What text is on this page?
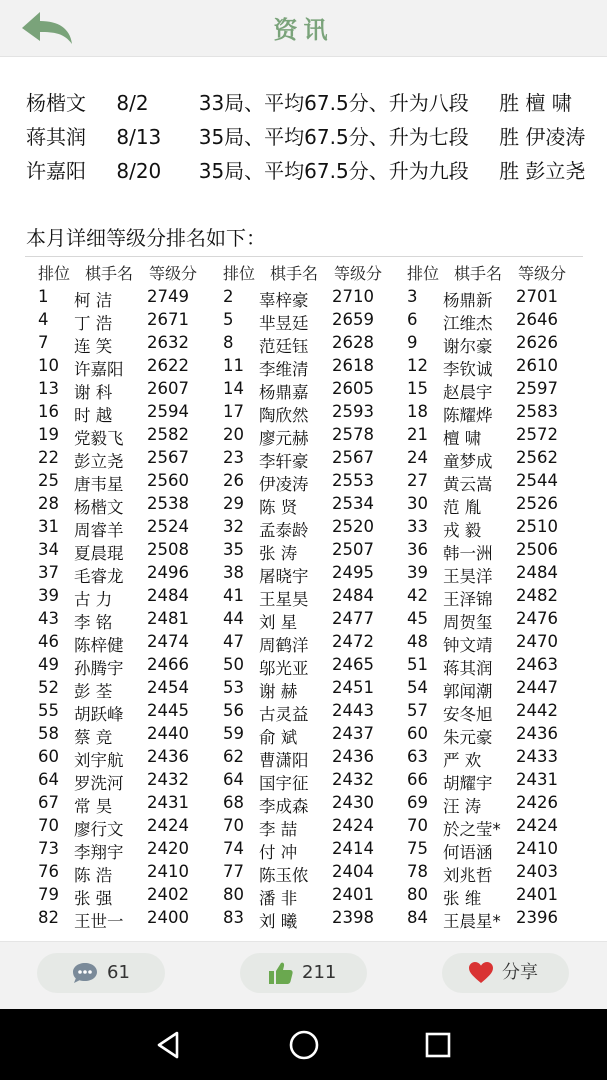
资讯
杨楷文 8/2	33局、平均67.5分、升为八段 胜 檀 啸
蒋其润 8/13 35局、平均67.5分、升为七段 胜 伊凌涛
许嘉阳 8/20 35局、平均67.5分、升为九段 胜 彭立尧
本月详细等级分排名如下：
排位 棋手名 等级分 排位 棋手名 等级分 排位 棋手名 等级分
1 柯 洁 2749 2 辜梓豪 2710 3 杨鼎新 2701
4 丁 浩 2671 5 芈昱廷 2659 6 江维杰 2646
7 连 笑 2632 8 范廷钰 2628 9 谢尔豪 2626
10 许嘉阳 2622 11 李维清 2618 12 李钦诚 2610
13 谢 科 2607 14 杨鼎嘉 2605 15 赵晨宇 2597
16 时 越 2594 17 陶欣然 2593 18 陈耀烨 2583
19 党毅飞 2582 20 廖元赫 2578 21 檀 啸 2572
22 彭立尧 2567 23 李轩豪 2567 24 童梦成 2562
25 唐韦星 2560 26 伊凌涛 2553 27 黄云嵩 2544
28 杨楷文 2538 29 陈 贤 2534 30 范 胤 2526
31 周睿羊 2524 32 孟泰龄 2520 33 戎 毅 2510
34 夏晨琨 2508 35 张 涛 2507 36 韩一洲 2506
37 毛睿龙 2496 38 屠晓宇 2495 39 王昊洋 2484
39 古 力 2484 41 王星昊 2484 42 王泽锦 2482
43 李 铭 2481 44 刘 星 2477 45 周贺玺 2476
46 陈梓健 2474 47 周鹤洋 2472 48 钟文靖 2470
49 孙腾宇 2466 50 邬光亚 2465 51 蒋其润 2463
52 彭 荃 2454 53 谢 赫 2451 54 郭闻潮 2447
55 胡跃峰 2445 56 古灵益 2443 57 安冬旭 2442
58 蔡 竞 2440 59 俞 斌 2437 60 朱元豪 2436
60 刘宇航 2436 62 曹潇阳 2436 63 严 欢 2433
64 罗洗河 2432 64 国宇征 2432 66 胡耀宇 2431
67 常 昊 2431 68 李成森 2430 69 汪 涛 2426
70 廖行文 2424 70 李 喆 2424 70 於之莹* 2424
73 李翔宇 2420 74 付 冲 2414 75 何语涵 2410
76 陈 浩 2410 77 陈玉侬 2404 78 刘兆哲 2403
79 张 强 2402 80 潘 非 2401 80 张 维 2401
82 王世一 2400 83 刘 曦 2398 84 王晨星* 2396
61	211	分享
